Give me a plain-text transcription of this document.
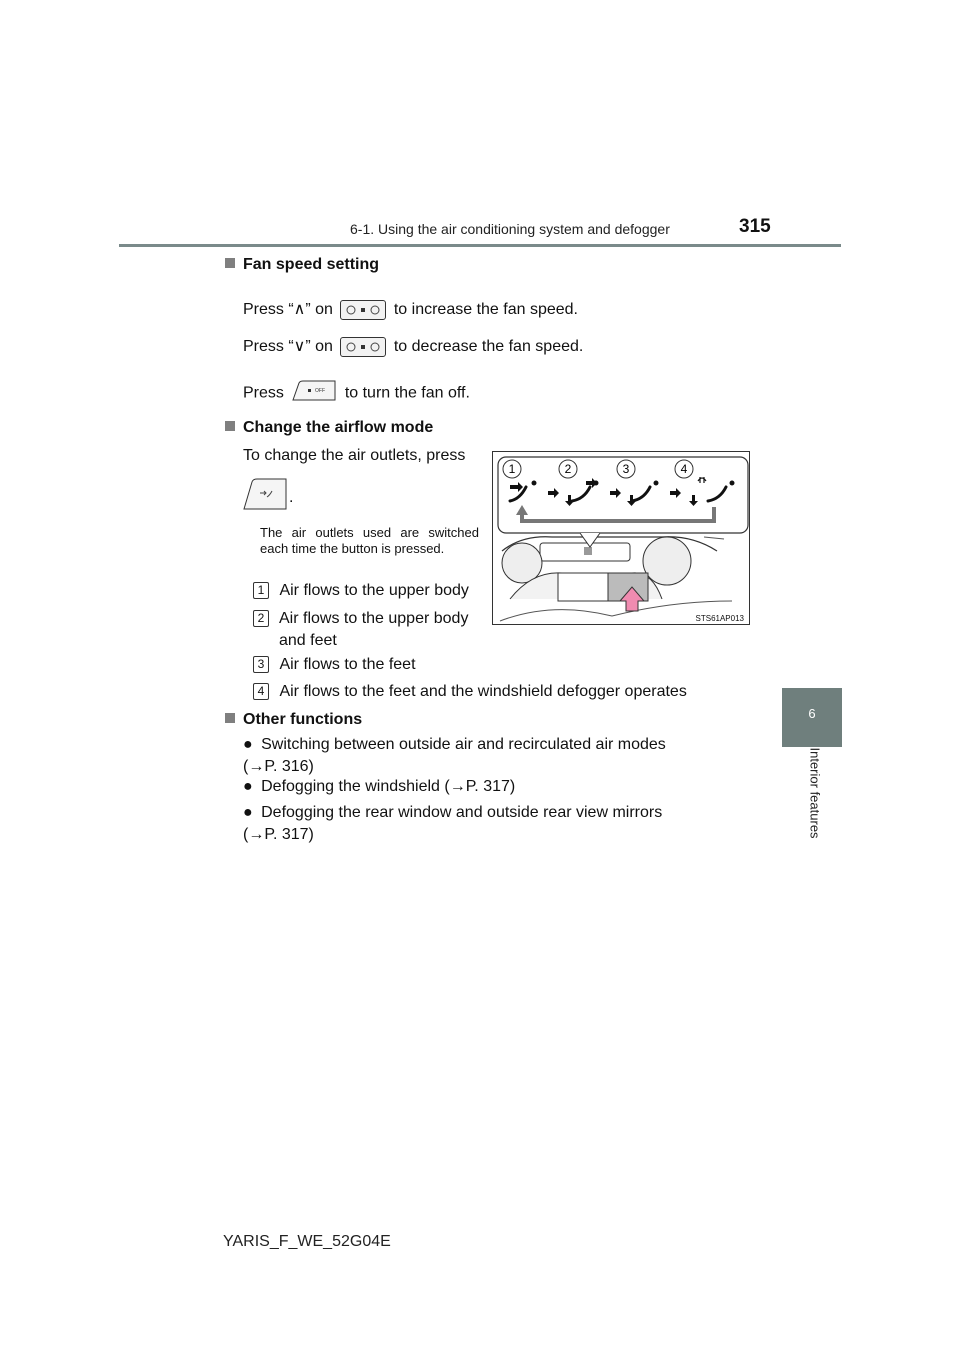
6-1. Using the air conditioning system and defogger	315
6
Interior features
Fan speed setting
Press “∧” on	to increase the fan speed.
Press “∨” on	to decrease the fan speed.
Press	OFF to turn the fan off.
Change the airflow mode
To change the air outlets, press
.
The air outlets used are switched each time the button is pressed.
1 Air flows to the upper body
2 Air flows to the upper body and feet
3 Air flows to the feet
4 Air flows to the feet and the windshield defogger operates
1	2	3	4
STS61AP013
Other functions
● Switching between outside air and recirculated air modes
(→P. 316)
● Defogging the windshield (→P. 317)
● Defogging the rear window and outside rear view mirrors
(→P. 317)
YARIS_F_WE_52G04E
